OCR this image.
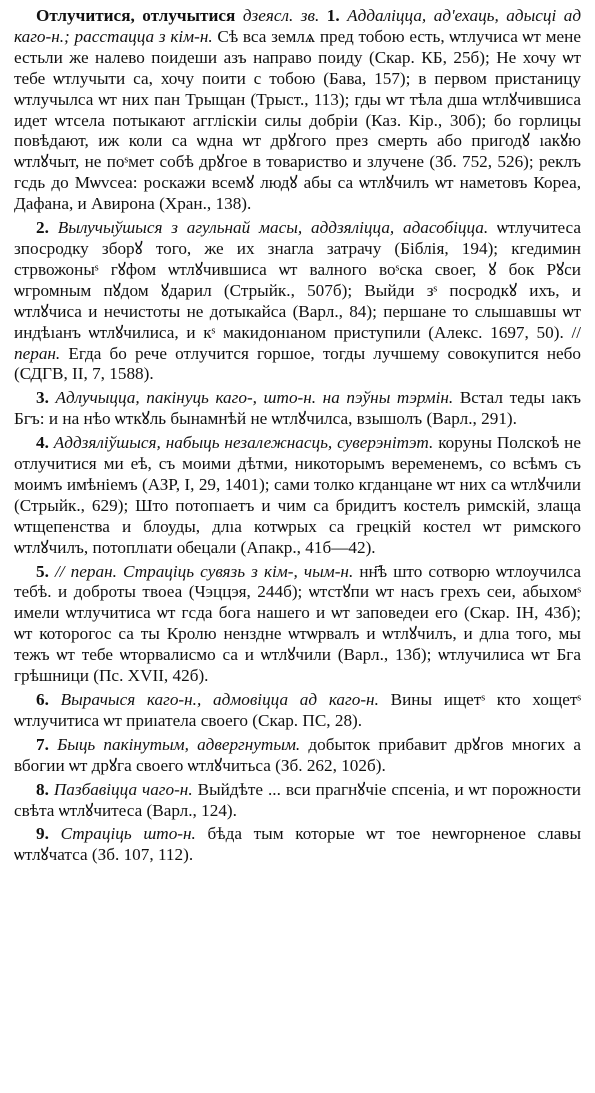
Отлучитися, отлучытися дзеясл. зв. 1. Аддаліцца, ад'ехаць, адысці ад каго-н.; расстацца з кім-н. Сѣ вса землѧ пред тобою есть, ѡтлучиса ѡт мене естьли же налево поидеши азъ направо поиду (Скар. КБ, 25б); Не хочу ѡт тебе ѡтлучыти са, хочу поити с тобою (Бава, 157); в первом пристаницу ѡтлучылса ѡт них пан Трыщан (Трыст., 113); гды ѡт тѣла дша ѡтлꙋчившиса идет ѡтсела потыкают аггліскіи силы добріи (Каз. Кір., 30б); бо горлицы повѣдают, иж коли са ѡдна ѡт дрꙋгого през смерть або пригодꙋ ıакꙋю ѡтлꙋчыт, не поˢмет собѣ дрꙋгое в товариство и злучене (Зб. 752, 526); реклъ гсдь до Мѡvсеа: роскажи всемꙋ людꙋ абы са ѡтлꙋчилъ ѡт наметовъ Кореа, Дафана, и Авирона (Хран., 138).

2. Вылучыўшыся з агульнай масы, аддзяліцца, адасобіцца. ѡтлучитеса зпосродку зборꙋ того, же их знагла затрачу (Біблія, 194); кгедимин стрвожоныˢ гꙋфом ѡтлꙋчившиса ѡт валного воˢска своег, ꙋ бок Рꙋси ѡгромным пꙋдом ꙋдарил (Стрыйк., 507б); Выйди зˢ посродкꙋ ихъ, и ѡтлꙋчиса и нечистоты не дотыкайса (Варл., 84); першане то слышавшы ѡт индѣıанъ ѡтлꙋчилиса, и кˢ макидонıаном приступили (Алекс. 1697, 50). // перан. Егда бо рече отлучится горшое, тогды лучшему совокупится небо (СДГВ, II, 7, 1588).

3. Адлучыцца, пакінуць каго-, што-н. на пэўны тэрмін. Встал теды ıакъ Бгъ: и на нѣо ѡткꙋль бынамнѣй не ѡтлꙋчилса, взышолъ (Варл., 291).

4. Аддзяліўшыся, набыць незалежнасць, суверэнітэт. коруны Полскоѣ не отлучитися ми еѣ, съ моими дѣтми, никоторымъ веременемъ, со всѣмъ съ моимъ имѣніемъ (АЗР, I, 29, 1401); сами толко кгданцане ѡт них са ѡтлꙋчили (Стрыйк., 629); Што потопıаетъ и чим са бридитъ костелъ римскій, злаща ѡтщепенства и блоуды, длıа котѡрых са грецкій костел ѡт римского ѡтлꙋчилъ, потоплıати обецали (Апакр., 41б—42).

5. // перан. Страціць сувязь з кім-, чым-н. нн҃ѣ што сотворю ѡтлоучилса тебѣ. и доброты твоеа (Чэццэя, 244б); ѡтстꙋпи ѡт насъ грехъ сеи, абыхомˢ имели ѡтлучитиса ѡт гсда бога нашего и ѡт заповедеи его (Скар. IН, 43б); ѡт которогос са ты Кролю ненздне ѡтѡрвалъ и ѡтлꙋчилъ, и длıа того, мы тежъ ѡт тебе ѡторвалисмо са и ѡтлꙋчили (Варл., 13б); ѡтлучилиса ѡт Бга грѣшници (Пс. XVII, 42б).

6. Вырачыся каго-н., адмовіцца ад каго-н. Вины ищетˢ кто хощетˢ ѡтлучитиса ѡт приıатела своего (Скар. ПС, 28).

7. Быць пакінутым, адвергнутым. добыток прибавит дрꙋгов многих а вбогии ѡт дрꙋга своего ѡтлꙋчитьса (Зб. 262, 102б).

8. Пазбавіцца чаго-н. Выйдѣте ... вси прагнꙋчіе спсеніа, и ѡт порожности свѣта ѡтлꙋчитеса (Варл., 124).

9. Страціць што-н. бѣда тым которые ѡт тое неѡгорненое славы ѡтлꙋчатса (Зб. 107, 112).
